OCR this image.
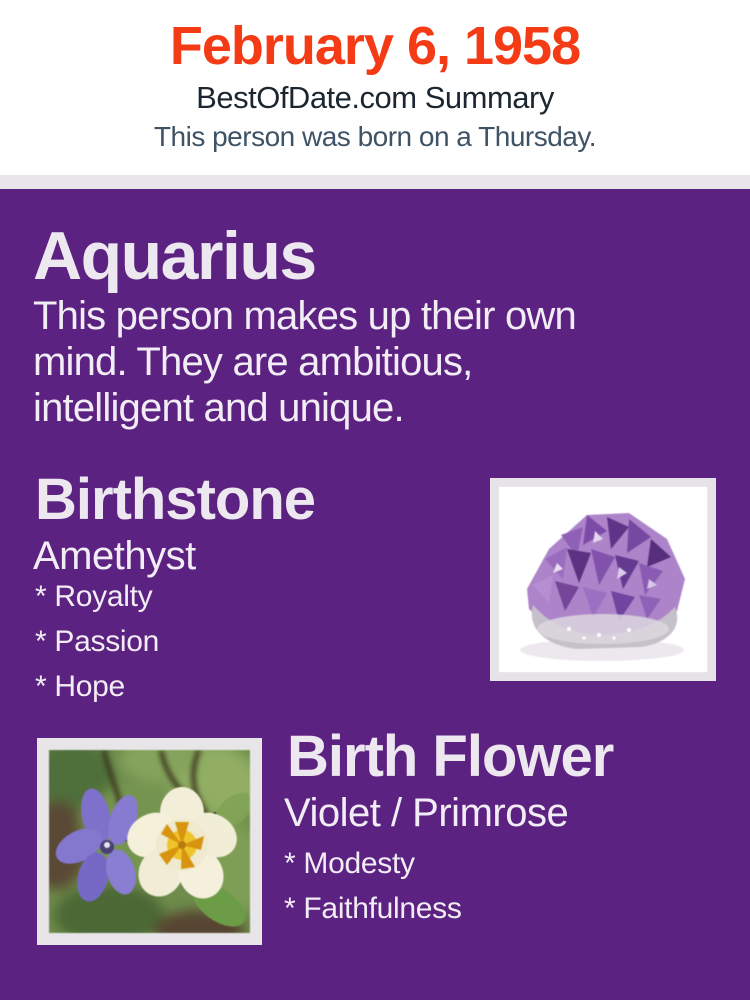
February 6, 1958
BestOfDate.com Summary
This person was born on a Thursday.
Aquarius
This person makes up their own
mind. They are ambitious,
intelligent and unique.
Birthstone
Amethyst
* Royalty
* Passion
* Hope
Birth Flower
Violet / Primrose
* Modesty
* Faithfulness
